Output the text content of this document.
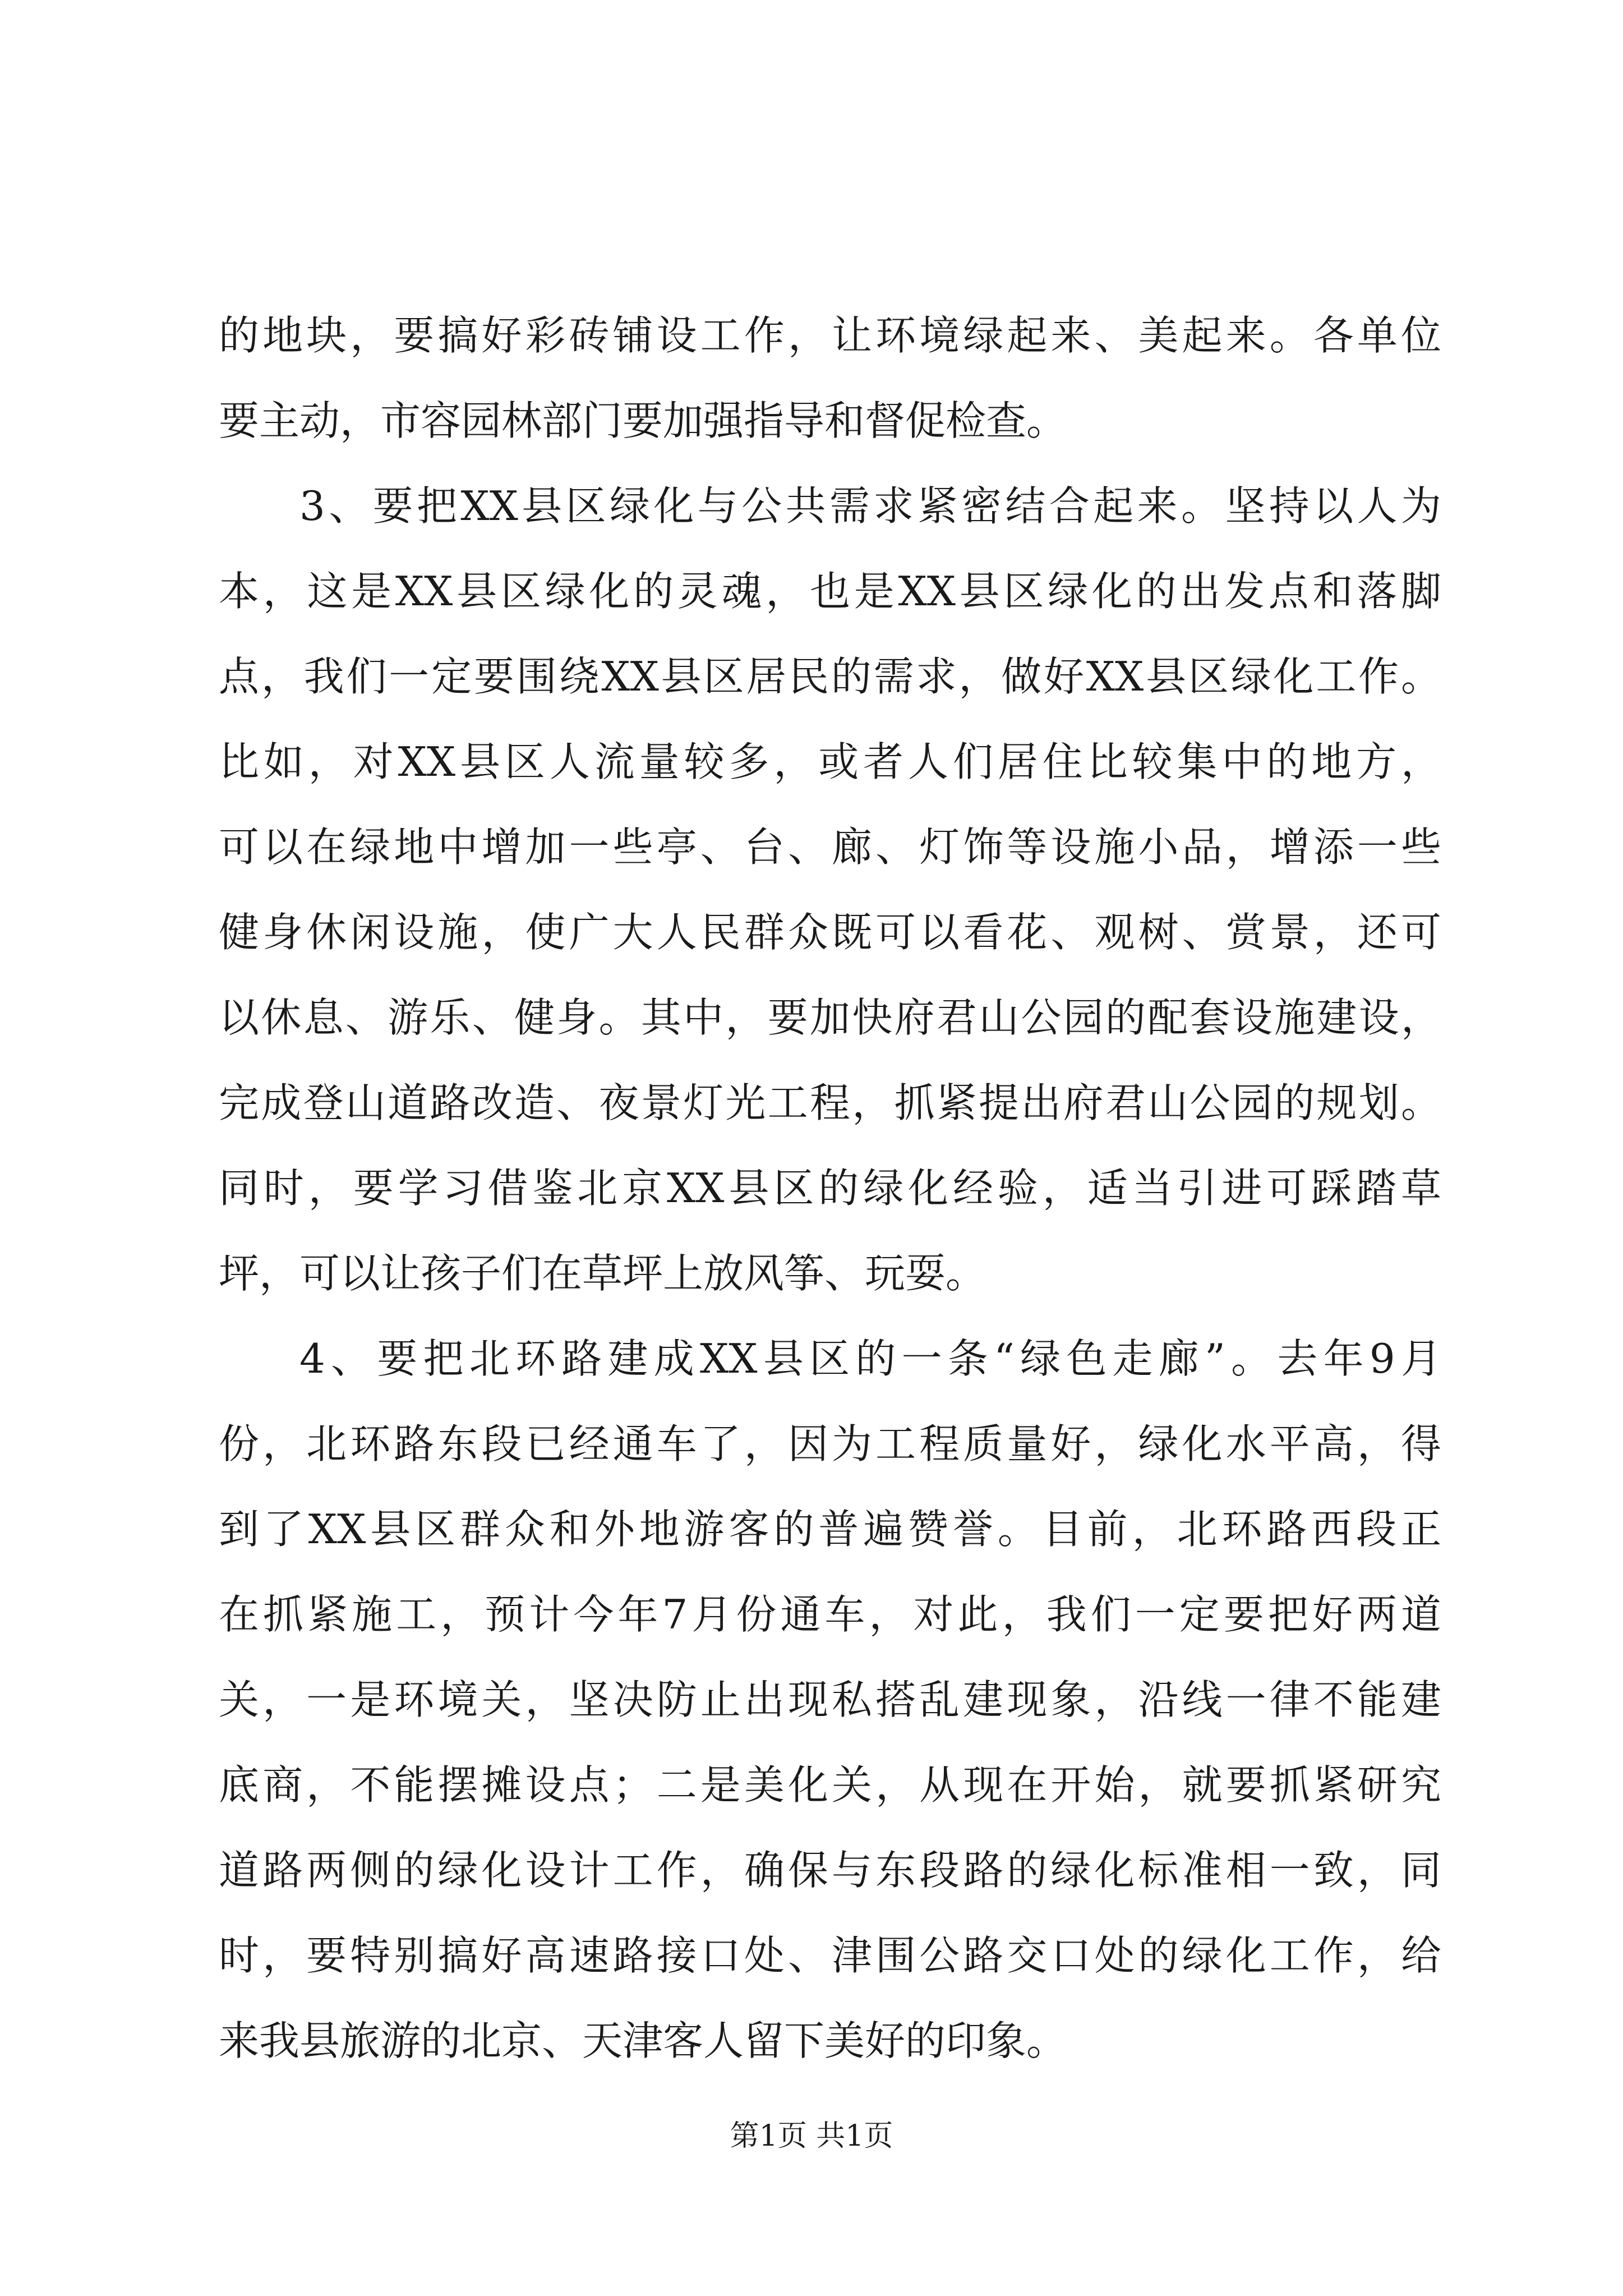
的地块，要搞好彩砖铺设工作，让环境绿起来、美起来。各单位
要主动，市容园林部门要加强指导和督促检查。
3、要把XX县区绿化与公共需求紧密结合起来。坚持以人为
本，这是XX县区绿化的灵魂，也是XX县区绿化的出发点和落脚
点，我们一定要围绕XX县区居民的需求，做好XX县区绿化工作。
比如，对XX县区人流量较多，或者人们居住比较集中的地方，
可以在绿地中增加一些亭、台、廊、灯饰等设施小品，增添一些
健身休闲设施，使广大人民群众既可以看花、观树、赏景，还可
以休息、游乐、健身。其中，要加快府君山公园的配套设施建设，
完成登山道路改造、夜景灯光工程，抓紧提出府君山公园的规划。
同时，要学习借鉴北京XX县区的绿化经验，适当引进可踩踏草
坪，可以让孩子们在草坪上放风筝、玩耍。
4、要把北环路建成XX县区的一条“绿色走廊”。去年9月
份，北环路东段已经通车了，因为工程质量好，绿化水平高，得
到了XX县区群众和外地游客的普遍赞誉。目前，北环路西段正
在抓紧施工，预计今年7月份通车，对此，我们一定要把好两道
关，一是环境关，坚决防止出现私搭乱建现象，沿线一律不能建
底商，不能摆摊设点；二是美化关，从现在开始，就要抓紧研究
道路两侧的绿化设计工作，确保与东段路的绿化标准相一致，同
时，要特别搞好高速路接口处、津围公路交口处的绿化工作，给
来我县旅游的北京、天津客人留下美好的印象。
第1页 共1页
